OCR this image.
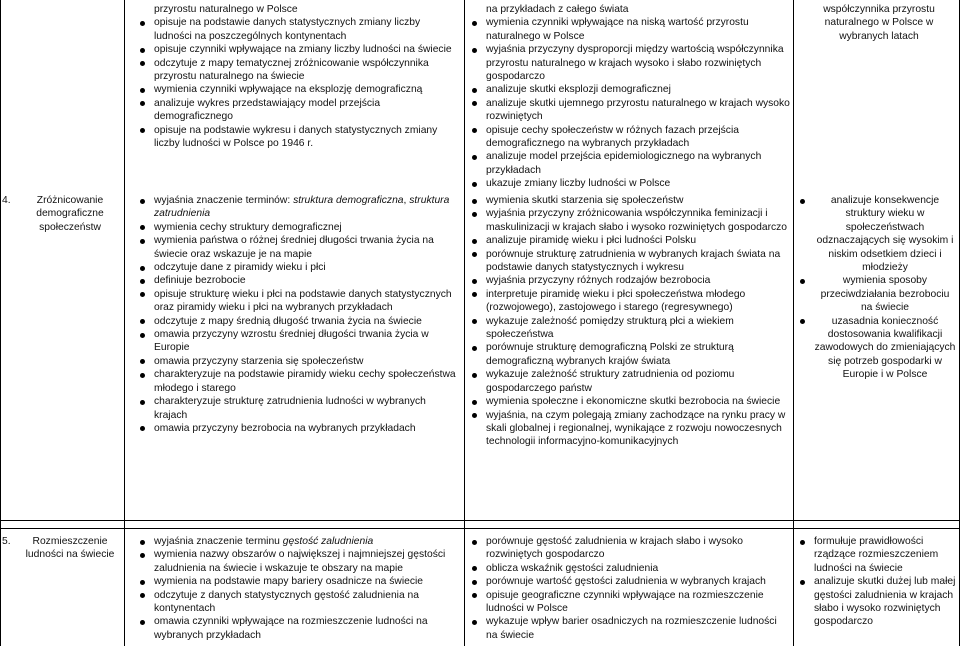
przyrostu naturalnego w Polsce
opisuje na podstawie danych statystycznych zmiany liczby ludności na poszczególnych kontynentach
opisuje czynniki wpływające na zmiany liczby ludności na świecie
odczytuje z mapy tematycznej zróżnicowanie współczynnika przyrostu naturalnego na świecie
wymienia czynniki wpływające na eksplozję demograficzną
analizuje wykres przedstawiający model przejścia demograficznego
opisuje na podstawie wykresu i danych statystycznych zmiany liczby ludności w Polsce po 1946 r.
na przykładach z całego świata
wymienia czynniki wpływające na niską wartość przyrostu naturalnego w Polsce
wyjaśnia przyczyny dysproporcji między wartością współczynnika przyrostu naturalnego w krajach wysoko i słabo rozwiniętych gospodarczo
analizuje skutki eksplozji demograficznej
analizuje skutki ujemnego przyrostu naturalnego w krajach wysoko rozwiniętych
opisuje cechy społeczeństw w różnych fazach przejścia demograficznego na wybranych przykładach
analizuje model przejścia epidemiologicznego na wybranych przykładach
ukazuje zmiany liczby ludności w Polsce
współczynnika przyrostu naturalnego w Polsce w wybranych latach
4.	Zróżnicowanie demograficzne społeczeństw
wyjaśnia znaczenie terminów: struktura demograficzna, struktura zatrudnienia
wymienia cechy struktury demograficznej
wymienia państwa o różnej średniej długości trwania życia na świecie oraz wskazuje je na mapie
odczytuje dane z piramidy wieku i płci
definiuje bezrobocie
opisuje strukturę wieku i płci na podstawie danych statystycznych oraz piramidy wieku i płci na wybranych przykładach
odczytuje z mapy średnią długość trwania życia na świecie
omawia przyczyny wzrostu średniej długości trwania życia w Europie
omawia przyczyny starzenia się społeczeństw
charakteryzuje na podstawie piramidy wieku cechy społeczeństwa młodego i starego
charakteryzuje strukturę zatrudnienia ludności w wybranych krajach
omawia przyczyny bezrobocia na wybranych przykładach
wymienia skutki starzenia się społeczeństw
wyjaśnia przyczyny zróżnicowania współczynnika feminizacji i maskulinizacji w krajach słabo i wysoko rozwiniętych gospodarczo
analizuje piramidę wieku i płci ludności Polsku
porównuje strukturę zatrudnienia w wybranych krajach świata na podstawie danych statystycznych i wykresu
wyjaśnia przyczyny różnych rodzajów bezrobocia
interpretuje piramidę wieku i płci społeczeństwa młodego (rozwojowego), zastojowego i starego (regresywnego)
wykazuje zależność pomiędzy strukturą płci a wiekiem społeczeństwa
porównuje strukturę demograficzną Polski ze strukturą demograficzną wybranych krajów świata
wykazuje zależność struktury zatrudnienia od poziomu gospodarczego państw
wymienia społeczne i ekonomiczne skutki bezrobocia na świecie
wyjaśnia, na czym polegają zmiany zachodzące na rynku pracy w skali globalnej i regionalnej, wynikające z rozwoju nowoczesnych technologii informacyjno-komunikacyjnych
analizuje konsekwencje struktury wieku w społeczeństwach odznaczających się wysokim i niskim odsetkiem dzieci i młodzieży
wymienia sposoby przeciwdziałania bezrobociu na świecie
uzasadnia konieczność dostosowania kwalifikacji zawodowych do zmieniających się potrzeb gospodarki w Europie i w Polsce
5.	Rozmieszczenie ludności na świecie
wyjaśnia znaczenie terminu gęstość zaludnienia
wymienia nazwy obszarów o największej i najmniejszej gęstości zaludnienia na świecie i wskazuje te obszary na mapie
wymienia na podstawie mapy bariery osadnicze na świecie
odczytuje z danych statystycznych gęstość zaludnienia na kontynentach
omawia czynniki wpływające na rozmieszczenie ludności na wybranych przykładach
porównuje gęstość zaludnienia w krajach słabo i wysoko rozwiniętych gospodarczo
oblicza wskaźnik gęstości zaludnienia
porównuje wartość gęstości zaludnienia w wybranych krajach
opisuje geograficzne czynniki wpływające na rozmieszczenie ludności w Polsce
wykazuje wpływ barier osadniczych na rozmieszczenie ludności na świecie
formułuje prawidłowości rządzące rozmieszczeniem ludności na świecie
analizuje skutki dużej lub małej gęstości zaludnienia w krajach słabo i wysoko rozwiniętych gospodarczo
